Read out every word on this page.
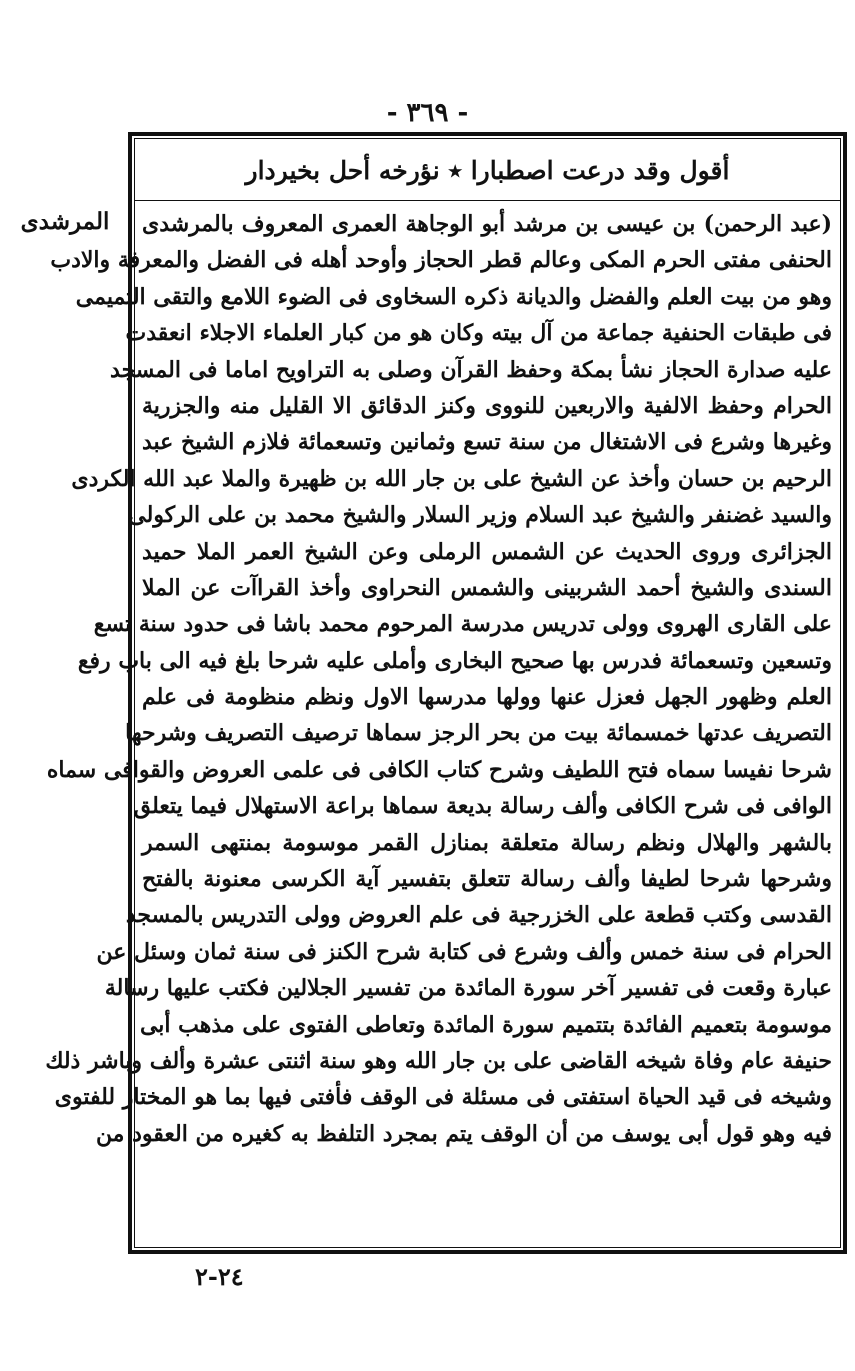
- ٣٦٩ -
أقول وقد درعت اصطبارا ٭ نؤرخه أحل بخيردار
المرشدى	(عبد الرحمن) بن عيسى بن مرشد أبو الوجاهة العمرى المعروف بالمرشدى
الحنفى مفتى الحرم المكى وعالم قطر الحجاز وأوحد أهله فى الفضل والمعرفة والادب
وهو من بيت العلم والفضل والديانة ذكره السخاوى فى الضوء اللامع والتقى التميمى
فى طبقات الحنفية جماعة من آل بيته وكان هو من كبار العلماء الاجلاء انعقدت
عليه صدارة الحجاز نشأ بمكة وحفظ القرآن وصلى به التراويح اماما فى المسجد
الحرام وحفظ الالفية والاربعين للنووى وكنز الدقائق الا القليل منه والجزرية
وغيرها وشرع فى الاشتغال من سنة تسع وثمانين وتسعمائة فلازم الشيخ عبد
الرحيم بن حسان وأخذ عن الشيخ على بن جار الله بن ظهيرة والملا عبد الله الكردى
والسيد غضنفر والشيخ عبد السلام وزير السلار والشيخ محمد بن على الركولى
الجزائرى وروى الحديث عن الشمس الرملى وعن الشيخ العمر الملا حميد
السندى والشيخ أحمد الشربينى والشمس النحراوى وأخذ القراآت عن الملا
على القارى الهروى وولى تدريس مدرسة المرحوم محمد باشا فى حدود سنة تسع
وتسعين وتسعمائة فدرس بها صحيح البخارى وأملى عليه شرحا بلغ فيه الى باب رفع
العلم وظهور الجهل فعزل عنها وولها مدرسها الاول ونظم منظومة فى علم
التصريف عدتها خمسمائة بيت من بحر الرجز سماها ترصيف التصريف وشرحها
شرحا نفيسا سماه فتح اللطيف وشرح كتاب الكافى فى علمى العروض والقوافى سماه
الوافى فى شرح الكافى وألف رسالة بديعة سماها براعة الاستهلال فيما يتعلق
بالشهر والهلال ونظم رسالة متعلقة بمنازل القمر موسومة بمنتهى السمر
وشرحها شرحا لطيفا وألف رسالة تتعلق بتفسير آية الكرسى معنونة بالفتح
القدسى وكتب قطعة على الخزرجية فى علم العروض وولى التدريس بالمسجد
الحرام فى سنة خمس وألف وشرع فى كتابة شرح الكنز فى سنة ثمان وسئل عن
عبارة وقعت فى تفسير آخر سورة المائدة من تفسير الجلالين فكتب عليها رسالة
موسومة بتعميم الفائدة بتتميم سورة المائدة وتعاطى الفتوى على مذهب أبى
حنيفة عام وفاة شيخه القاضى على بن جار الله وهو سنة اثنتى عشرة وألف وباشر ذلك
وشيخه فى قيد الحياة استفتى فى مسئلة فى الوقف فأفتى فيها بما هو المختار للفتوى
فيه وهو قول أبى يوسف من أن الوقف يتم بمجرد التلفظ به كغيره من العقود من
٢٤-٢
